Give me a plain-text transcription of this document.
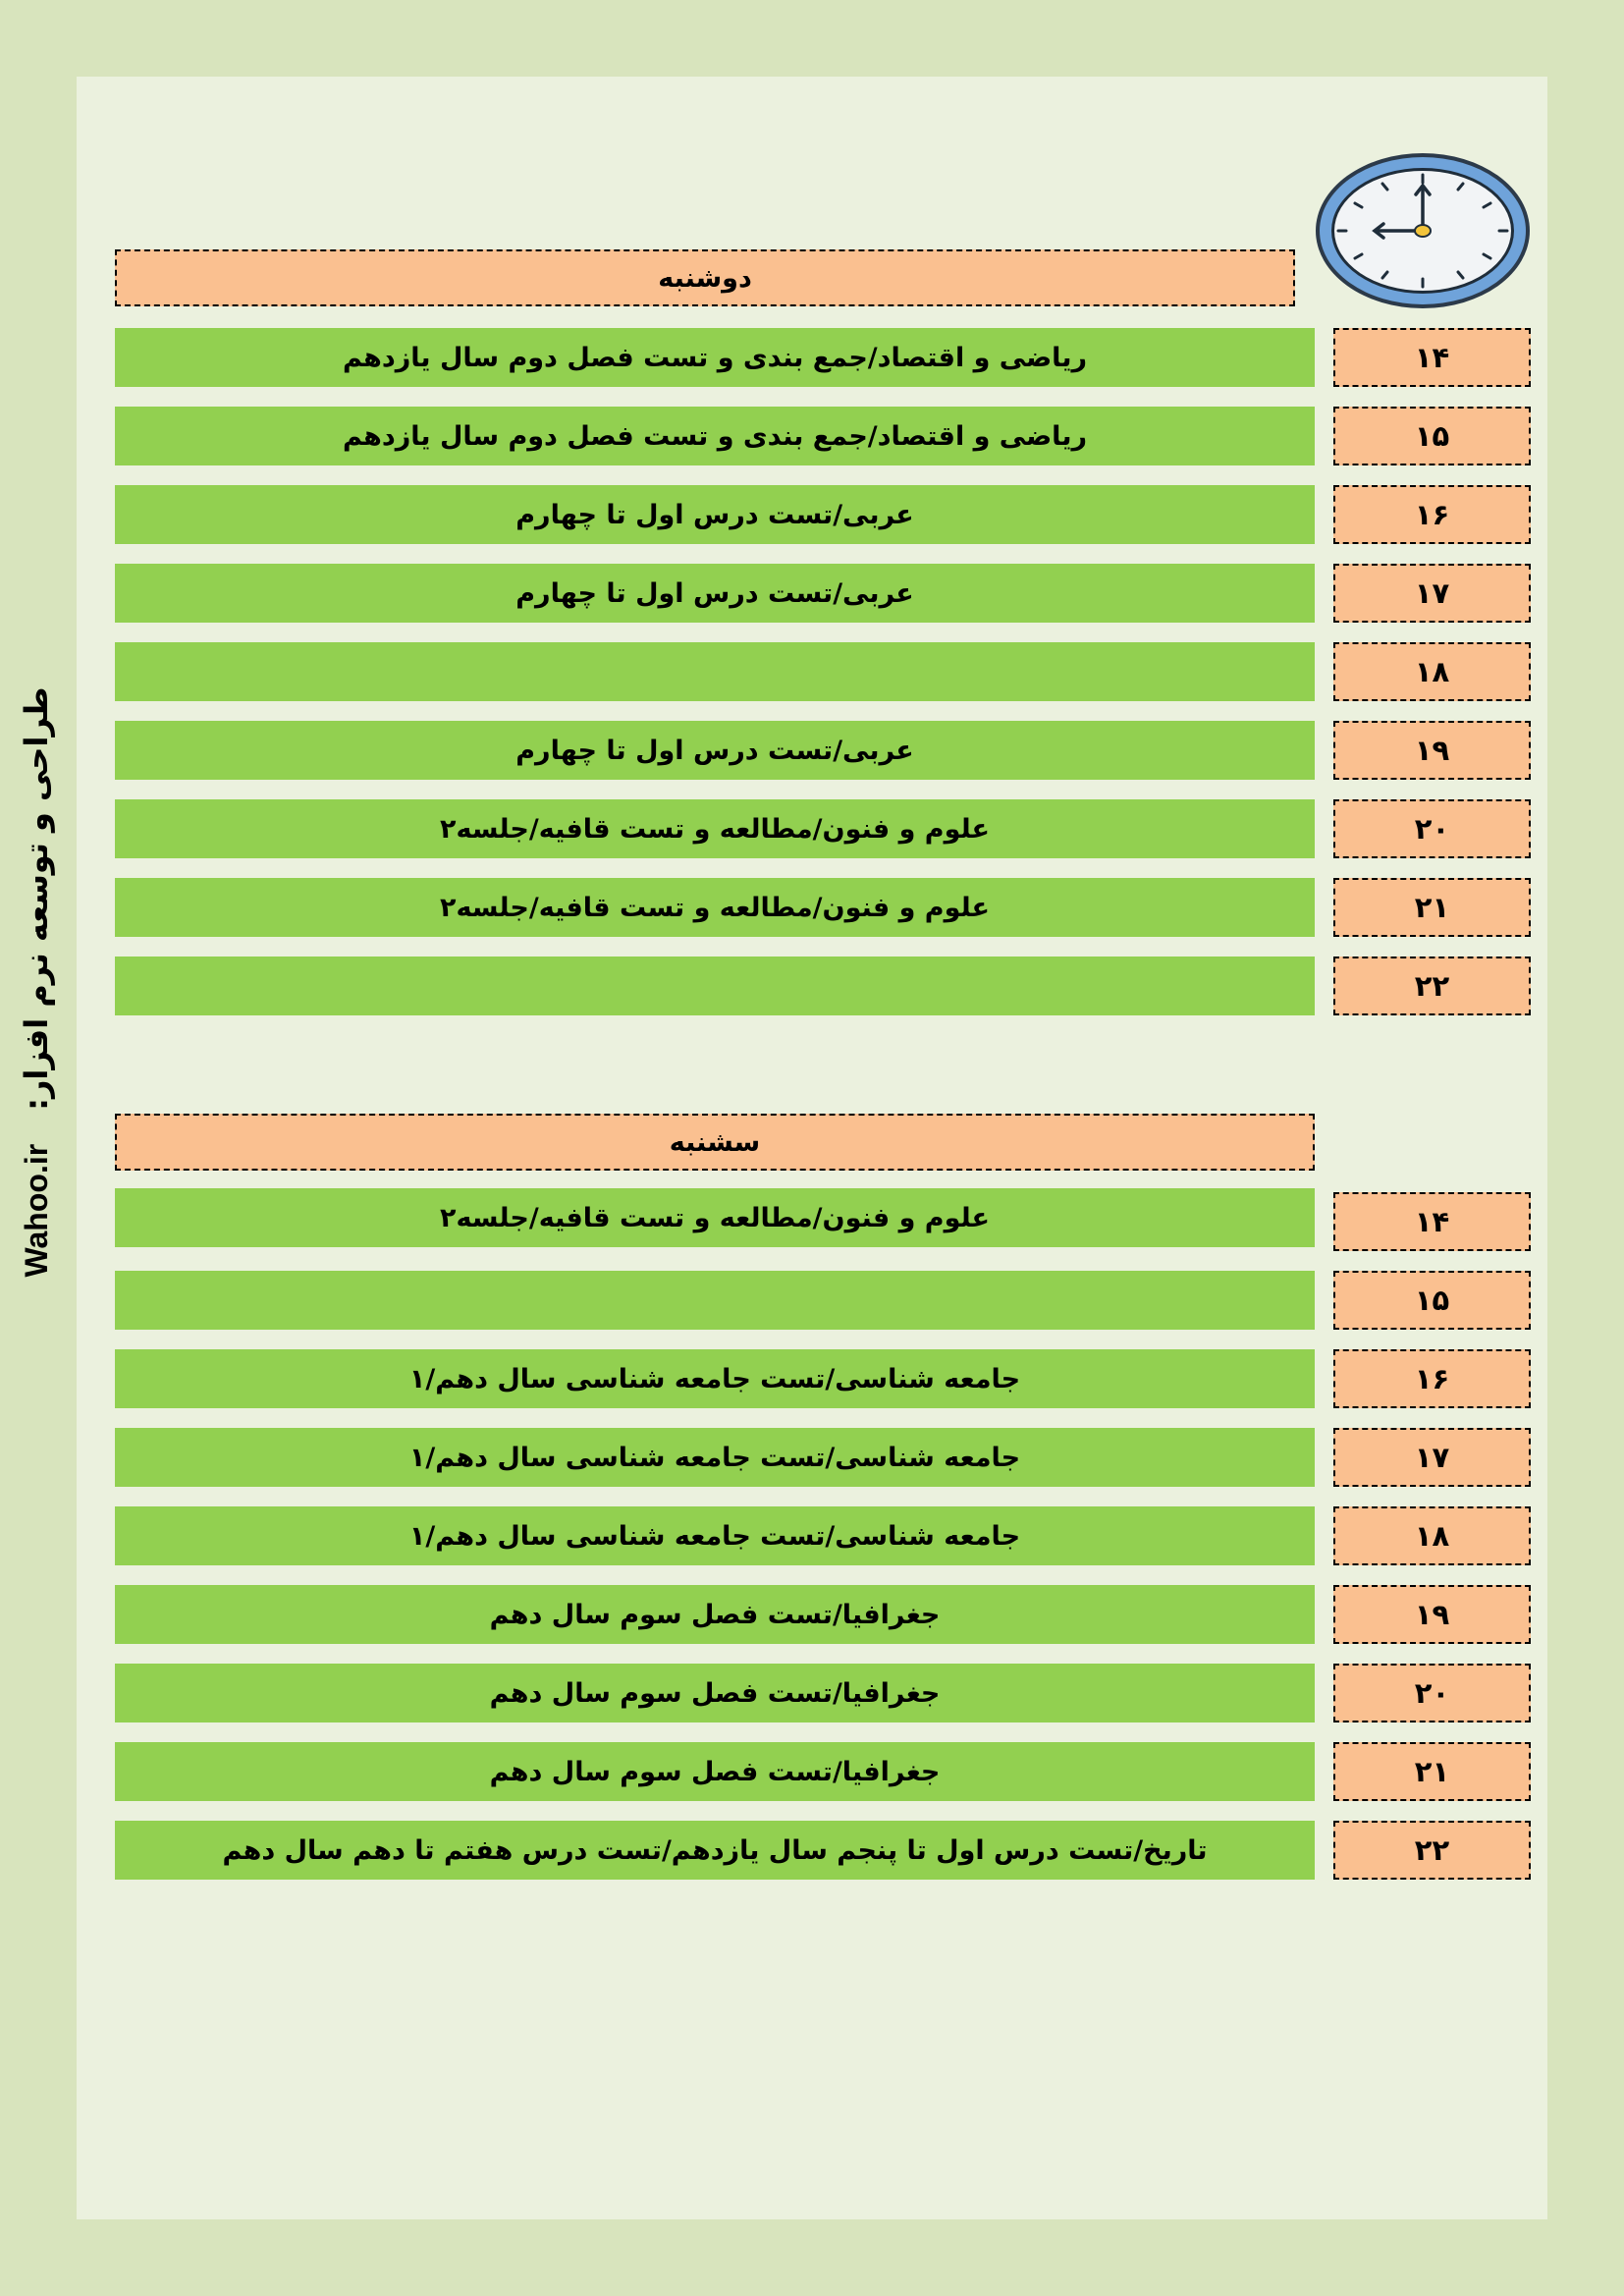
Wahoo.ir
طراحی و توسعه نرم افزار:
دوشنبه
ریاضی و اقتصاد/جمع بندی و تست فصل دوم سال یازدهم	۱۴
ریاضی و اقتصاد/جمع بندی و تست فصل دوم سال یازدهم	۱۵
عربی/تست درس اول تا چهارم	۱۶
عربی/تست درس اول تا چهارم	۱۷
۱۸
عربی/تست درس اول تا چهارم	۱۹
علوم و فنون/مطالعه و تست قافیه/جلسه۲	۲۰
علوم و فنون/مطالعه و تست قافیه/جلسه۲	۲۱
۲۲
سشنبه
علوم و فنون/مطالعه و تست قافیه/جلسه۲	۱۴
۱۵
جامعه شناسی/تست جامعه شناسی سال دهم/۱	۱۶
جامعه شناسی/تست جامعه شناسی سال دهم/۱	۱۷
جامعه شناسی/تست جامعه شناسی سال دهم/۱	۱۸
جغرافیا/تست فصل سوم سال دهم	۱۹
جغرافیا/تست فصل سوم سال دهم	۲۰
جغرافیا/تست فصل سوم سال دهم	۲۱
تاریخ/تست درس اول تا پنجم سال یازدهم/تست درس هفتم تا دهم سال دهم	۲۲
